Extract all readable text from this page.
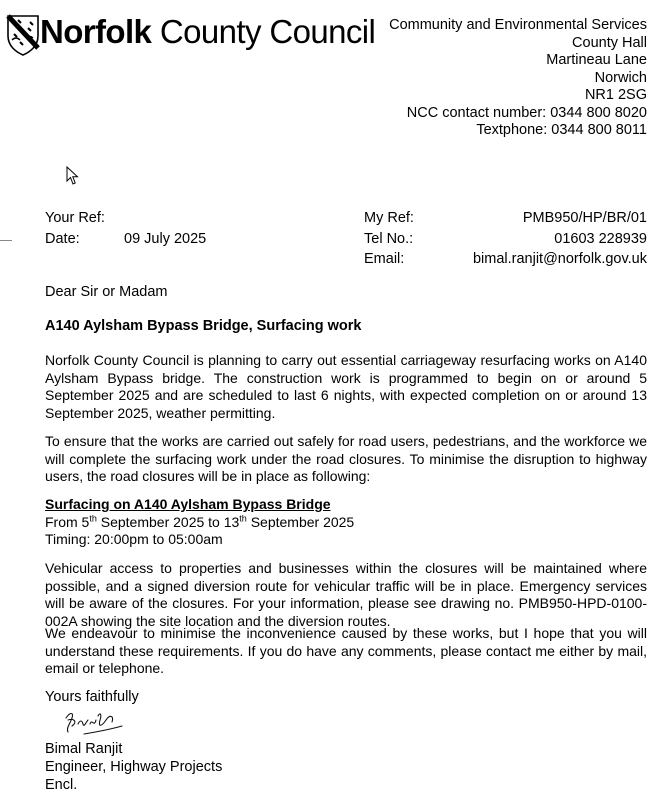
Norfolk County Council Community and Environmental Services
County Hall
Martineau Lane
Norwich
NR1 2SG
NCC contact number: 0344 800 8020
Textphone: 0344 800 8011
Your Ref:
Date:	09 July 2025
My Ref:	PMB950/HP/BR/01
Tel No.:	01603 228939
Email:	bimal.ranjit@norfolk.gov.uk
Dear Sir or Madam
A140 Aylsham Bypass Bridge, Surfacing work
Norfolk County Council is planning to carry out essential carriageway resurfacing works on A140 Aylsham Bypass bridge. The construction work is programmed to begin on or around 5 September 2025 and are scheduled to last 6 nights, with expected completion on or around 13 September 2025, weather permitting.
To ensure that the works are carried out safely for road users, pedestrians, and the workforce we will complete the surfacing work under the road closures. To minimise the disruption to highway users, the road closures will be in place as following:
Surfacing on A140 Aylsham Bypass Bridge
From 5th September 2025 to 13th September 2025
Timing: 20:00pm to 05:00am
Vehicular access to properties and businesses within the closures will be maintained where possible, and a signed diversion route for vehicular traffic will be in place. Emergency services will be aware of the closures. For your information, please see drawing no. PMB950-HPD-0100-002A showing the site location and the diversion routes.
We endeavour to minimise the inconvenience caused by these works, but I hope that you will understand these requirements. If you do have any comments, please contact me either by mail, email or telephone.
Yours faithfully
Bimal Ranjit
Engineer, Highway Projects
Encl.
